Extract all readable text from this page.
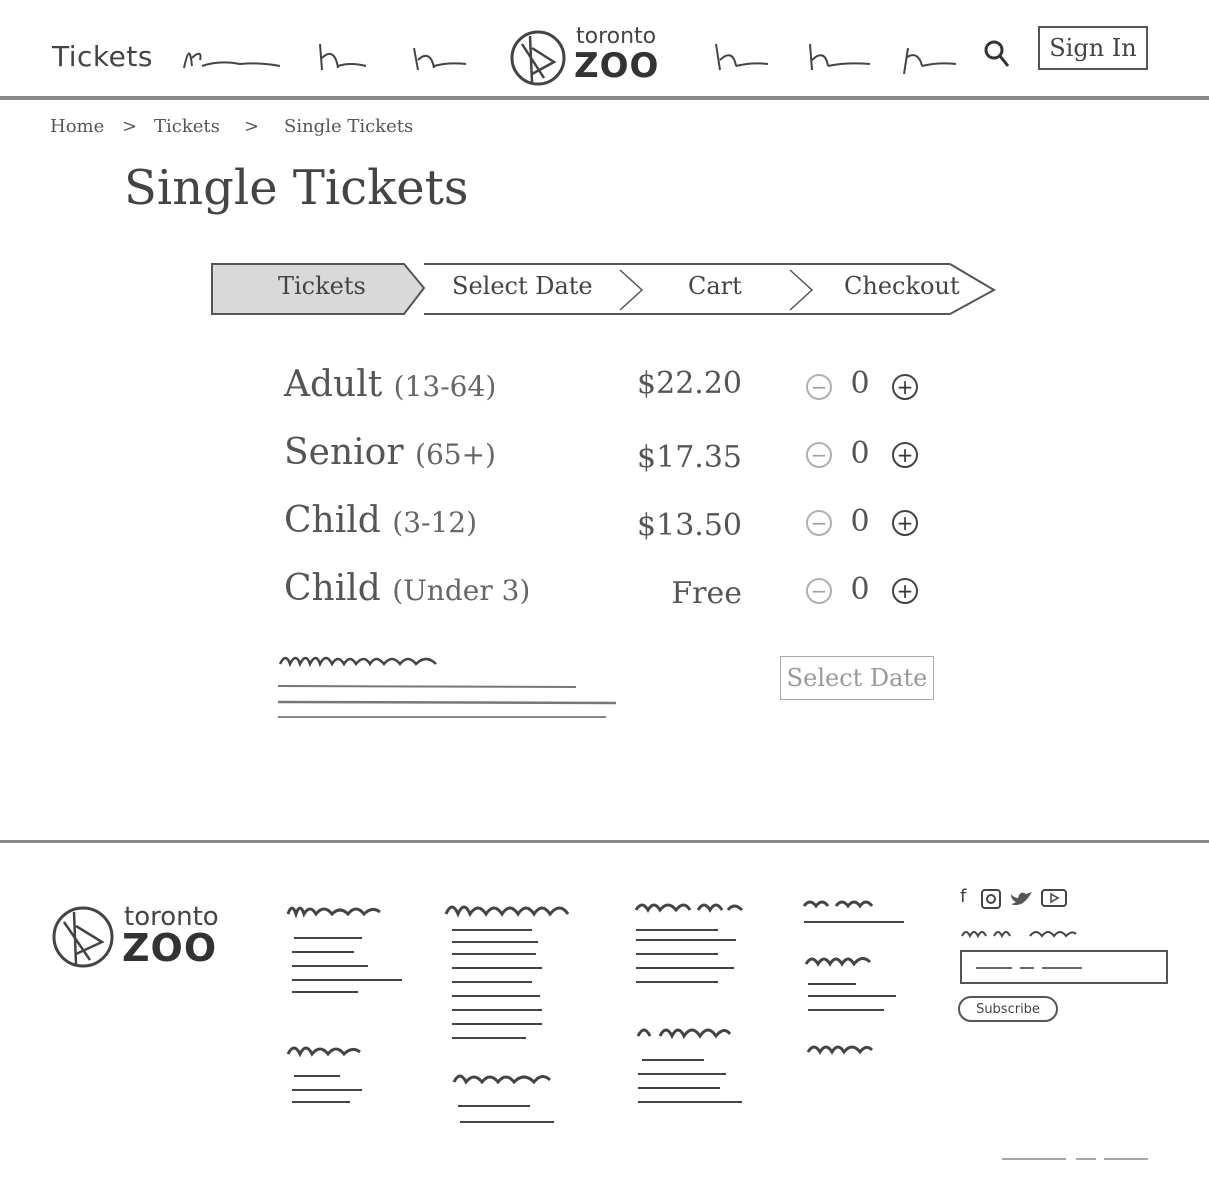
Tickets
toronto
ZOO	Sign In
Home > Tickets > Single Tickets
Single Tickets
Tickets	Select Date	Cart	Checkout
Adult (13-64)	$22.20	− 0 +
Senior (65+)	$17.35	− 0 +
Child (3-12)	$13.50	− 0 +
Child (Under 3)	Free	− 0 +
Select Date
toronto
ZOO
f
Subscribe
